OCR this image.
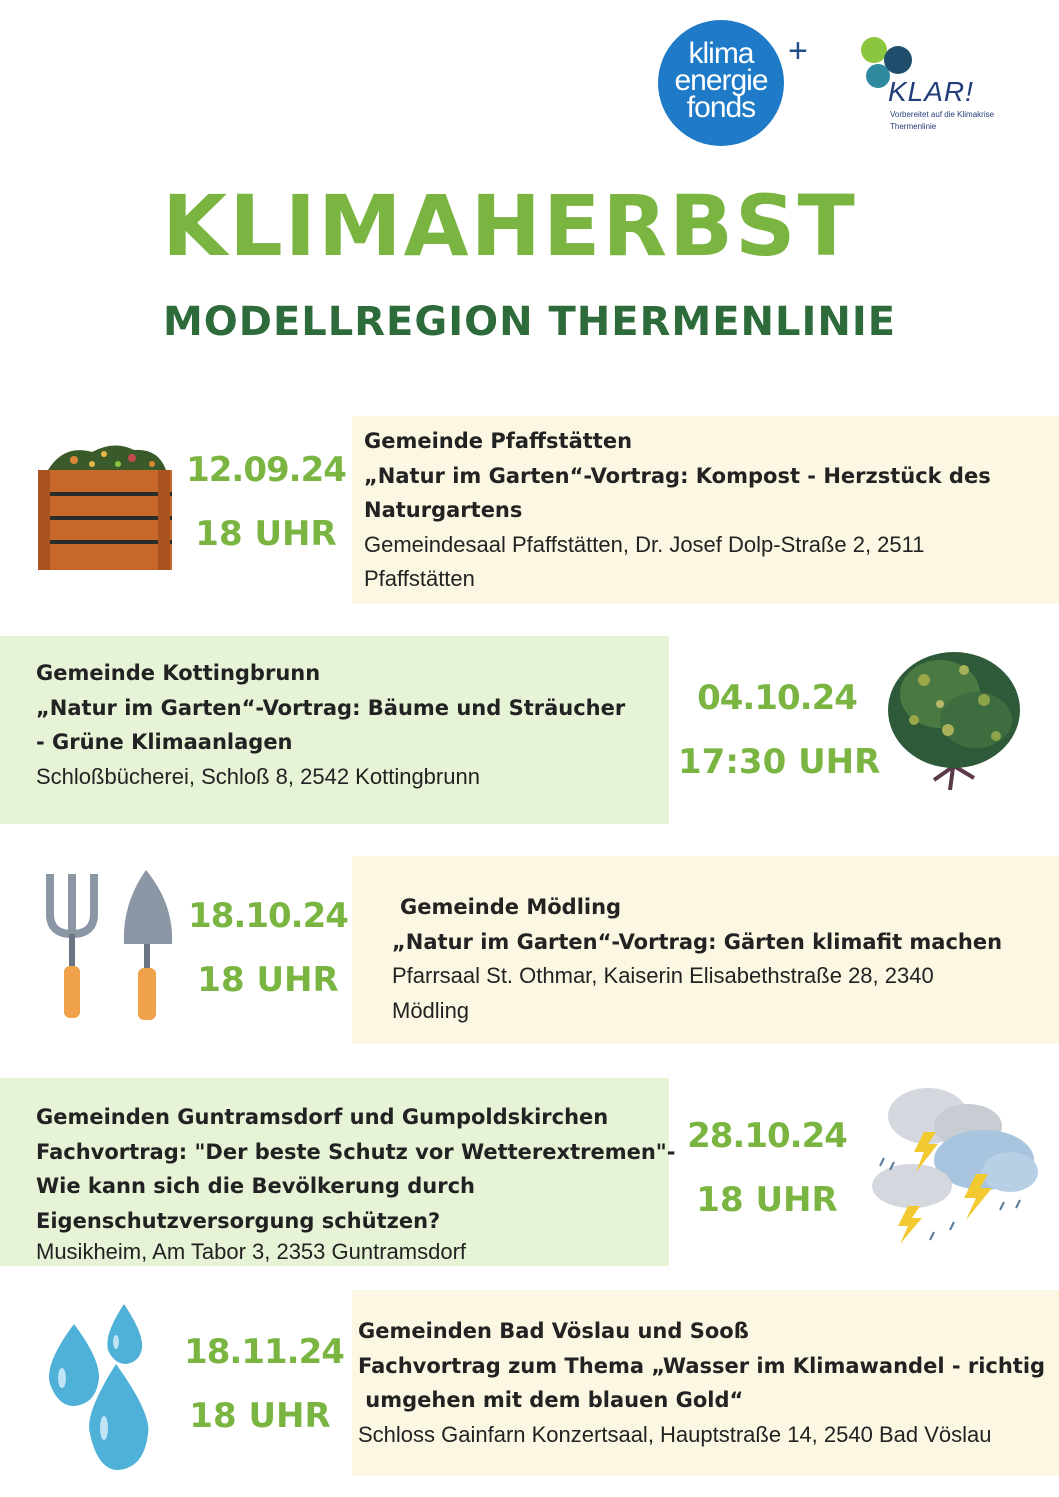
klima
energie
fonds
+
KLAR!
Vorbereitet auf die Klimakrise
Thermenlinie
KLIMAHERBST
MODELLREGION THERMENLINIE
Gemeinde Pfaffstätten
„Natur im Garten“-Vortrag: Kompost - Herzstück des
Naturgartens
Gemeindesaal Pfaffstätten, Dr. Josef Dolp-Straße 2, 2511
Pfaffstätten
12.09.24
18 UHR
Gemeinde Kottingbrunn
„Natur im Garten“-Vortrag: Bäume und Sträucher
- Grüne Klimaanlagen
Schloßbücherei, Schloß 8, 2542 Kottingbrunn
04.10.24
17:30 UHR
Gemeinde Mödling
„Natur im Garten“-Vortrag: Gärten klimafit machen
Pfarrsaal St. Othmar, Kaiserin Elisabethstraße 28, 2340
Mödling
18.10.24
18 UHR
Gemeinden Guntramsdorf und Gumpoldskirchen
Fachvortrag: "Der beste Schutz vor Wetterextremen"-
Wie kann sich die Bevölkerung durch
Eigenschutzversorgung schützen?
Musikheim, Am Tabor 3, 2353 Guntramsdorf
28.10.24
18 UHR
Gemeinden Bad Vöslau und Sooß
Fachvortrag zum Thema „Wasser im Klimawandel - richtig
umgehen mit dem blauen Gold“
Schloss Gainfarn Konzertsaal, Hauptstraße 14, 2540 Bad Vöslau
18.11.24
18 UHR
